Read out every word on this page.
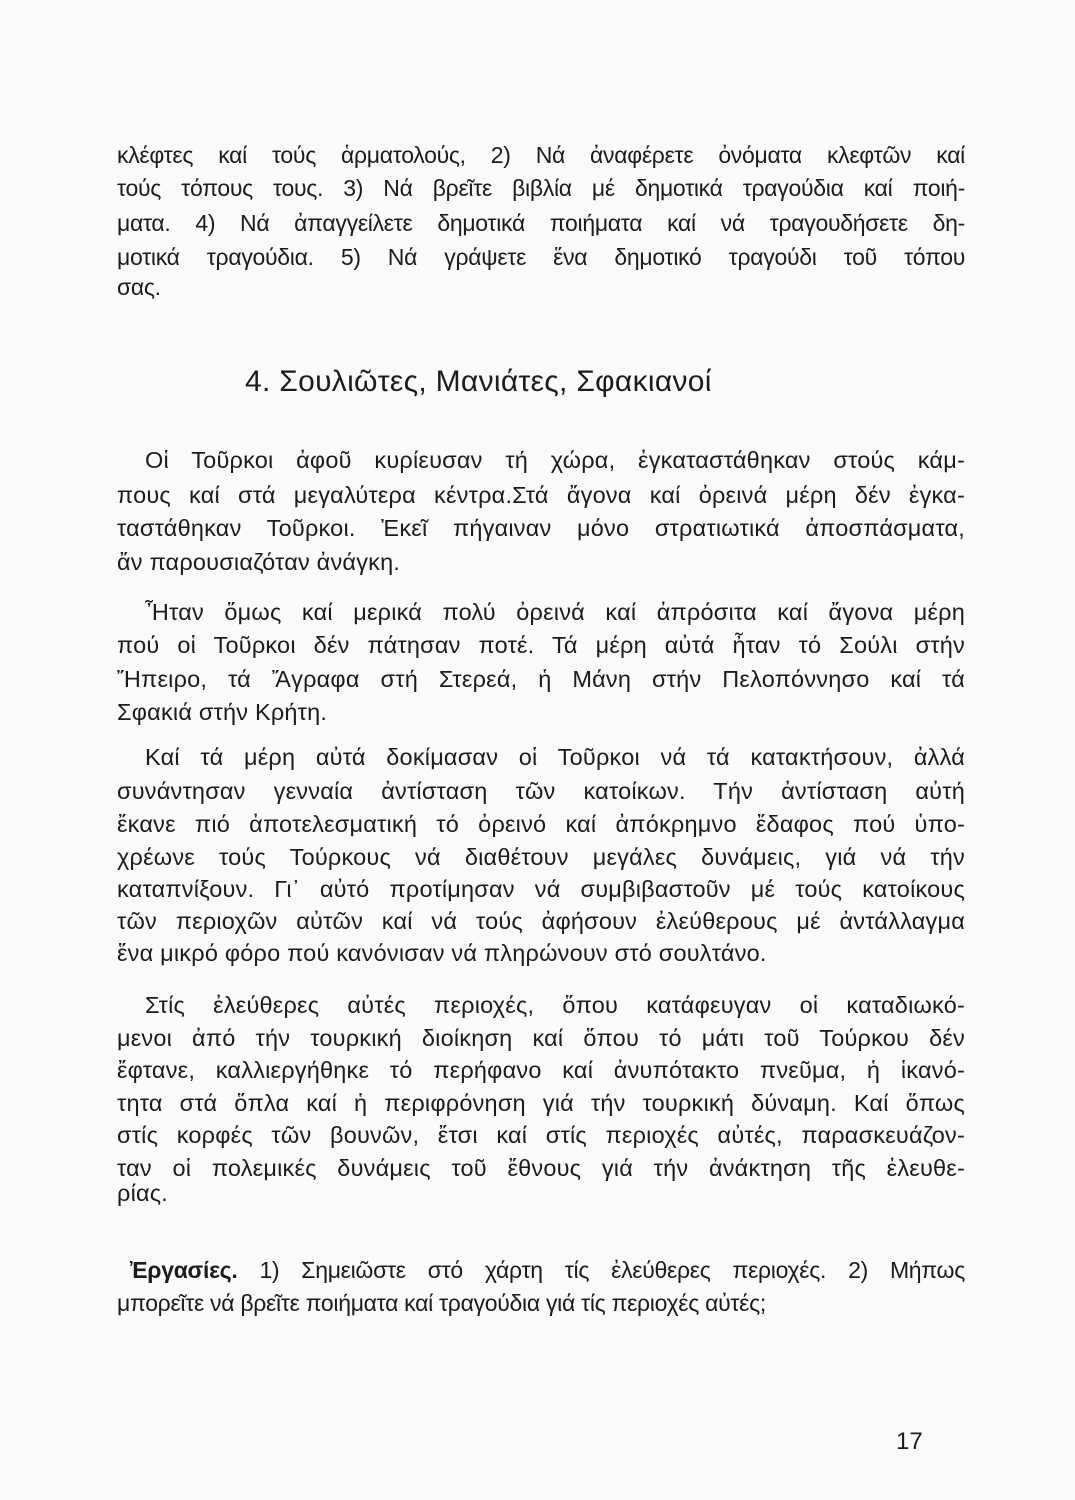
κλέφτες καί τούς ἁρματολούς, 2) Νά ἀναφέρετε ὀνόματα κλεφτῶν καί
τούς τόπους τους. 3) Νά βρεῖτε βιβλία μέ δημοτικά τραγούδια καί ποιή-
ματα. 4) Νά ἀπαγγείλετε δημοτικά ποιήματα καί νά τραγουδήσετε δη-
μοτικά τραγούδια. 5) Νά γράψετε ἕνα δημοτικό τραγούδι τοῦ τόπου
σας.
4. Σουλιῶτες, Μανιάτες, Σφακιανοί
Οἱ Τοῦρκοι ἀφοῦ κυρίευσαν τή χώρα, ἐγκαταστάθηκαν στούς κάμ-
πους καί στά μεγαλύτερα κέντρα.Στά ἄγονα καί ὀρεινά μέρη δέν ἐγκα-
ταστάθηκαν Τοῦρκοι. Ἐκεῖ πήγαιναν μόνο στρατιωτικά ἀποσπάσματα,
ἄν παρουσιαζόταν ἀνάγκη.
Ἦταν ὅμως καί μερικά πολύ ὀρεινά καί ἀπρόσιτα καί ἄγονα μέρη
πού οἱ Τοῦρκοι δέν πάτησαν ποτέ. Τά μέρη αὐτά ἦταν τό Σούλι στήν
Ἤπειρο, τά Ἄγραφα στή Στερεά, ἡ Μάνη στήν Πελοπόννησο καί τά
Σφακιά στήν Κρήτη.
Καί τά μέρη αὐτά δοκίμασαν οἱ Τοῦρκοι νά τά κατακτήσουν, ἀλλά
συνάντησαν γενναία ἀντίσταση τῶν κατοίκων. Τήν ἀντίσταση αὐτή
ἔκανε πιό ἀποτελεσματική τό ὀρεινό καί ἀπόκρημνο ἔδαφος πού ὑπο-
χρέωνε τούς Τούρκους νά διαθέτουν μεγάλες δυνάμεις, γιά νά τήν
καταπνίξουν. Γι᾽ αὐτό προτίμησαν νά συμβιβαστοῦν μέ τούς κατοίκους
τῶν περιοχῶν αὐτῶν καί νά τούς ἀφήσουν ἐλεύθερους μέ ἀντάλλαγμα
ἕνα μικρό φόρο πού κανόνισαν νά πληρώνουν στό σουλτάνο.
Στίς ἐλεύθερες αὐτές περιοχές, ὅπου κατάφευγαν οἱ καταδιωκό-
μενοι ἀπό τήν τουρκική διοίκηση καί ὅπου τό μάτι τοῦ Τούρκου δέν
ἔφτανε, καλλιεργήθηκε τό περήφανο καί ἀνυπότακτο πνεῦμα, ἡ ἱκανό-
τητα στά ὅπλα καί ἡ περιφρόνηση γιά τήν τουρκική δύναμη. Καί ὅπως
στίς κορφές τῶν βουνῶν, ἔτσι καί στίς περιοχές αὐτές, παρασκευάζον-
ταν οἱ πολεμικές δυνάμεις τοῦ ἔθνους γιά τήν ἀνάκτηση τῆς ἐλευθε-
ρίας.
Ἐργασίες. 1) Σημειῶστε στό χάρτη τίς ἐλεύθερες περιοχές. 2) Μήπως
μπορεῖτε νά βρεῖτε ποιήματα καί τραγούδια γιά τίς περιοχές αὐτές;
17
